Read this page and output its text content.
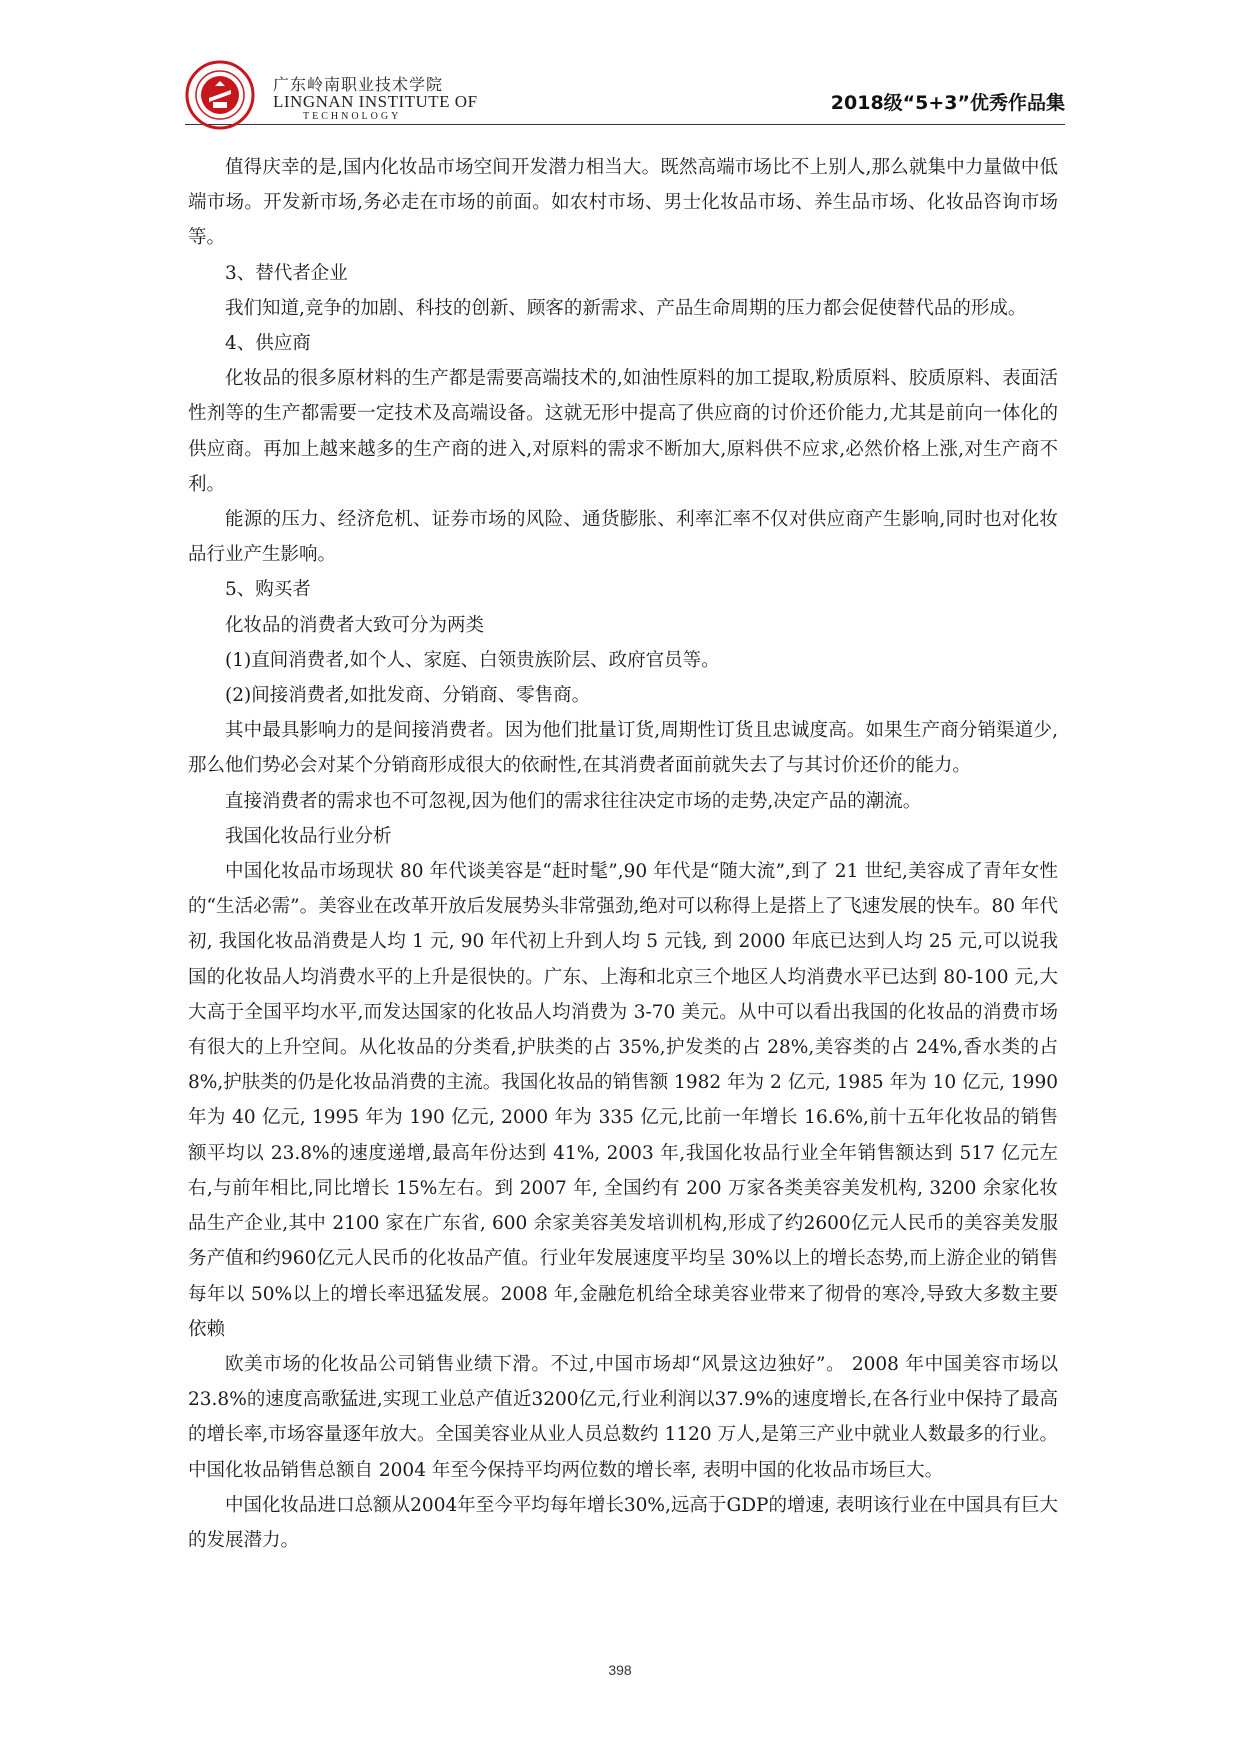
广东岭南职业技术学院
LINGNAN INSTITUTE OF
TECHNOLOGY
2018级“5+3”优秀作品集

值得庆幸的是,国内化妆品市场空间开发潜力相当大。既然高端市场比不上别人,那么就集中力量做中低端市场。开发新市场,务必走在市场的前面。如农村市场、男士化妆品市场、养生品市场、化妆品咨询市场等。

3、替代者企业

我们知道,竞争的加剧、科技的创新、顾客的新需求、产品生命周期的压力都会促使替代品的形成。

4、供应商

化妆品的很多原材料的生产都是需要高端技术的,如油性原料的加工提取,粉质原料、胶质原料、表面活性剂等的生产都需要一定技术及高端设备。这就无形中提高了供应商的讨价还价能力,尤其是前向一体化的供应商。再加上越来越多的生产商的进入,对原料的需求不断加大,原料供不应求,必然价格上涨,对生产商不利。

能源的压力、经济危机、证券市场的风险、通货膨胀、利率汇率不仅对供应商产生影响,同时也对化妆品行业产生影响。

5、购买者

化妆品的消费者大致可分为两类

(1)直间消费者,如个人、家庭、白领贵族阶层、政府官员等。

(2)间接消费者,如批发商、分销商、零售商。

其中最具影响力的是间接消费者。因为他们批量订货,周期性订货且忠诚度高。如果生产商分销渠道少,那么他们势必会对某个分销商形成很大的依耐性,在其消费者面前就失去了与其讨价还价的能力。

直接消费者的需求也不可忽视,因为他们的需求往往决定市场的走势,决定产品的潮流。

我国化妆品行业分析

中国化妆品市场现状 80 年代谈美容是“赶时髦”,90 年代是“随大流”,到了 21 世纪,美容成了青年女性的“生活必需”。美容业在改革开放后发展势头非常强劲,绝对可以称得上是搭上了飞速发展的快车。80 年代初, 我国化妆品消费是人均 1 元, 90 年代初上升到人均 5 元钱, 到 2000 年底已达到人均 25 元,可以说我国的化妆品人均消费水平的上升是很快的。广东、上海和北京三个地区人均消费水平已达到 80-100 元,大大高于全国平均水平,而发达国家的化妆品人均消费为 3-70 美元。从中可以看出我国的化妆品的消费市场有很大的上升空间。从化妆品的分类看,护肤类的占 35%,护发类的占 28%,美容类的占 24%,香水类的占 8%,护肤类的仍是化妆品消费的主流。我国化妆品的销售额 1982 年为 2 亿元, 1985 年为 10 亿元, 1990 年为 40 亿元, 1995 年为 190 亿元, 2000 年为 335 亿元,比前一年增长 16.6%,前十五年化妆品的销售额平均以 23.8%的速度递增,最高年份达到 41%, 2003 年,我国化妆品行业全年销售额达到 517 亿元左右,与前年相比,同比增长 15%左右。到 2007 年, 全国约有 200 万家各类美容美发机构, 3200 余家化妆品生产企业,其中 2100 家在广东省, 600 余家美容美发培训机构,形成了约2600亿元人民币的美容美发服务产值和约960亿元人民币的化妆品产值。行业年发展速度平均呈 30%以上的增长态势,而上游企业的销售每年以 50%以上的增长率迅猛发展。2008 年,金融危机给全球美容业带来了彻骨的寒冷,导致大多数主要依赖

欧美市场的化妆品公司销售业绩下滑。不过,中国市场却“风景这边独好”。 2008 年中国美容市场以23.8%的速度高歌猛进,实现工业总产值近3200亿元,行业利润以37.9%的速度增长,在各行业中保持了最高的增长率,市场容量逐年放大。全国美容业从业人员总数约 1120 万人,是第三产业中就业人数最多的行业。中国化妆品销售总额自 2004 年至今保持平均两位数的增长率, 表明中国的化妆品市场巨大。

中国化妆品进口总额从2004年至今平均每年增长30%,远高于GDP的增速, 表明该行业在中国具有巨大的发展潜力。

398
